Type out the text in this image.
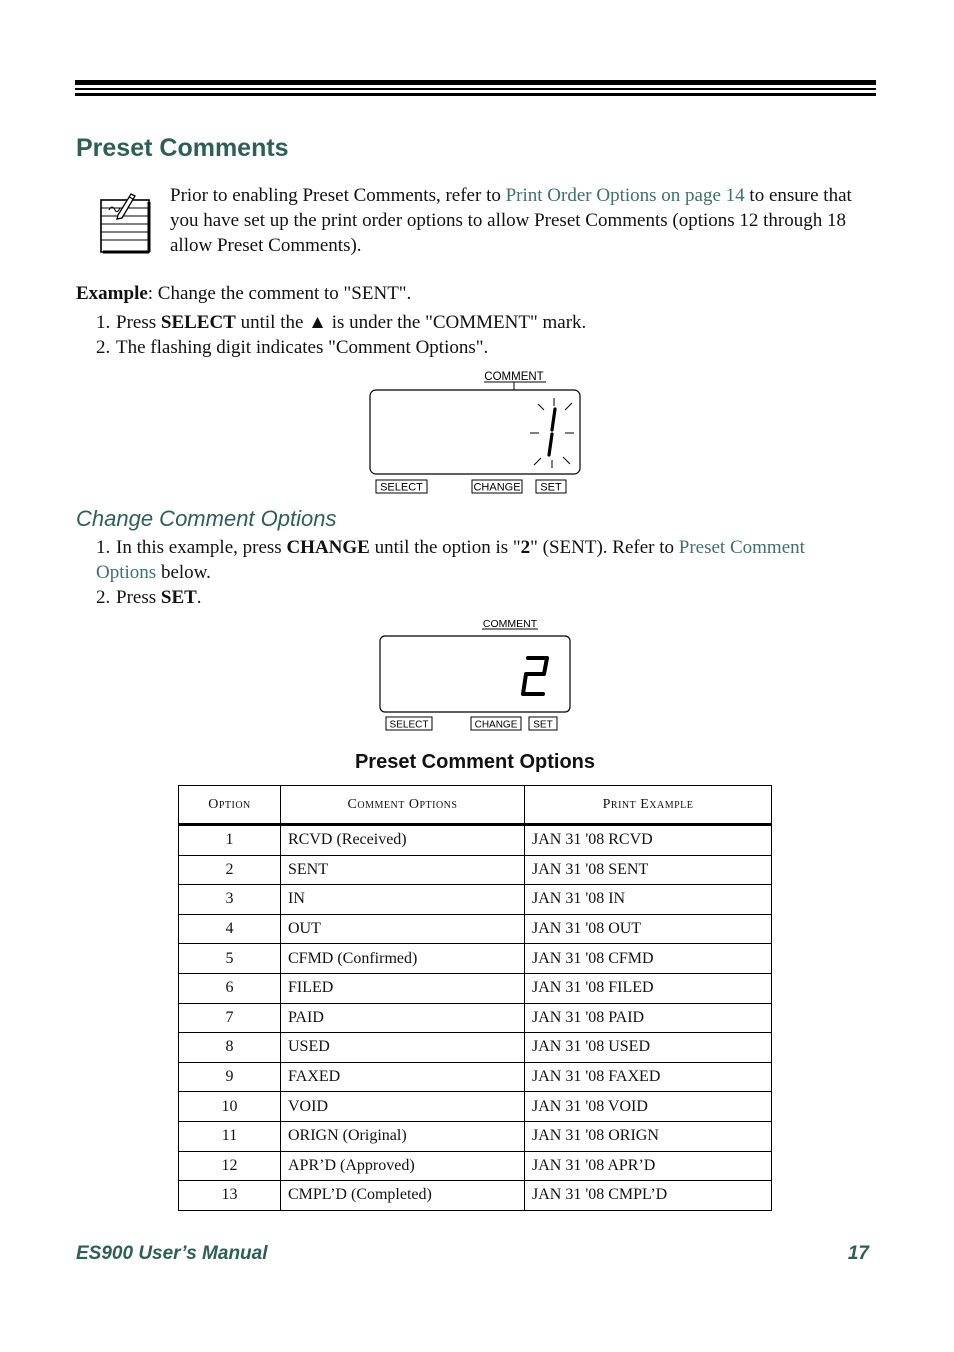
Preset Comments

Prior to enabling Preset Comments, refer to Print Order Options on page 14 to ensure that you have set up the print order options to allow Preset Comments (options 12 through 18 allow Preset Comments).

Example: Change the comment to "SENT".

1. Press SELECT until the ▲ is under the "COMMENT" mark.

2. The flashing digit indicates "Comment Options".

COMMENT
SELECT	CHANGE SET
Change Comment Options

1. In this example, press CHANGE until the option is "2" (SENT). Refer to Preset Comment Options below.

2. Press SET.

COMMENT
SELECT	CHANGE SET
Preset Comment Options
Option	Comment Options	Print Example
1	RCVD (Received)	JAN 31 '08 RCVD
2	SENT	JAN 31 '08 SENT
3	IN	JAN 31 '08 IN
4	OUT	JAN 31 '08 OUT
5	CFMD (Confirmed)	JAN 31 '08 CFMD
6	FILED	JAN 31 '08 FILED
7	PAID	JAN 31 '08 PAID
8	USED	JAN 31 '08 USED
9	FAXED	JAN 31 '08 FAXED
10	VOID	JAN 31 '08 VOID
11	ORIGN (Original)	JAN 31 '08 ORIGN
12	APR’D (Approved)	JAN 31 '08 APR’D
13	CMPL’D (Completed)	JAN 31 '08 CMPL’D
ES900 User’s Manual	17
